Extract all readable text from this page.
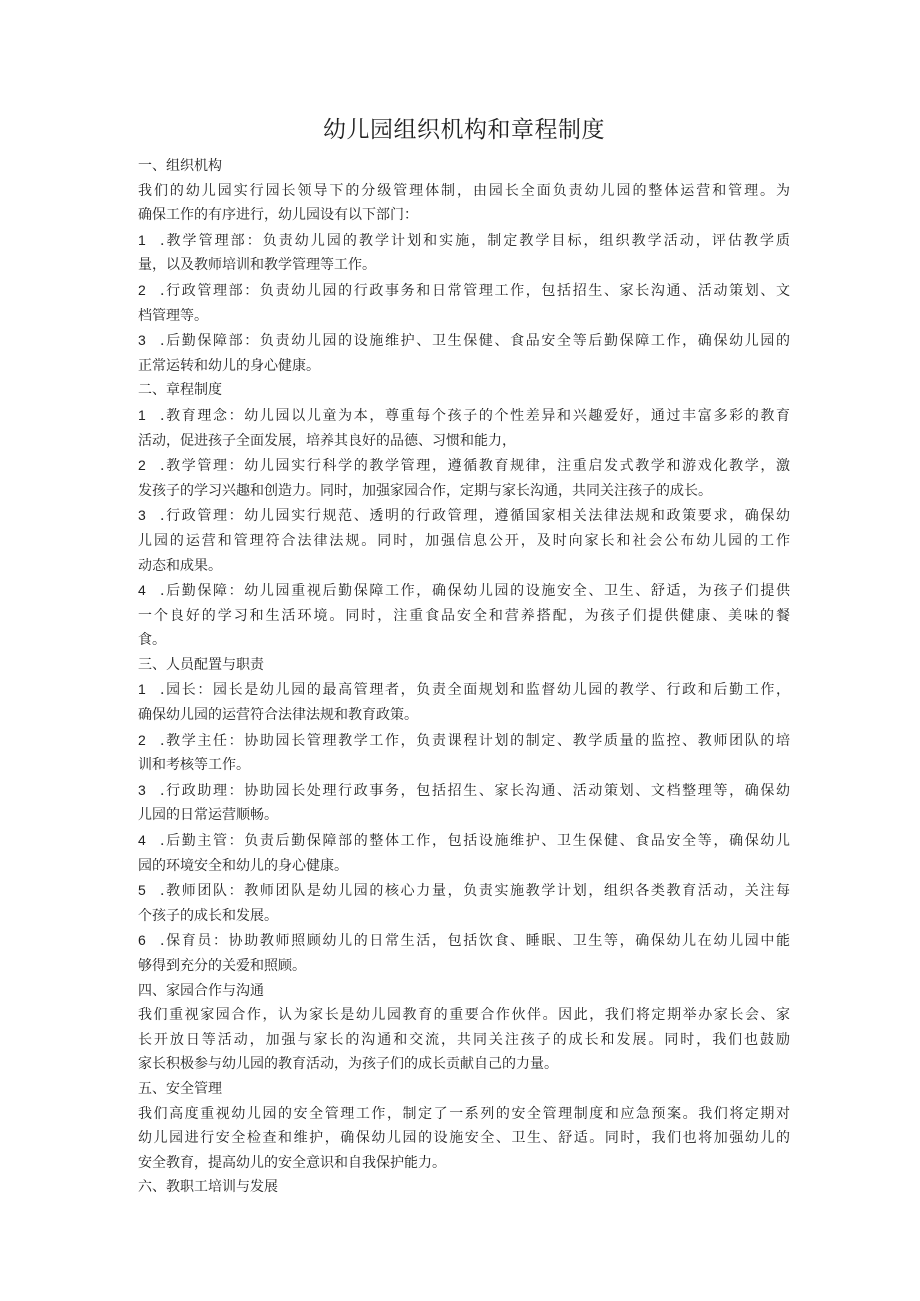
幼儿园组织机构和章程制度
一、组织机构
我们的幼儿园实行园长领导下的分级管理体制，由园长全面负责幼儿园的整体运营和管理。为
确保工作的有序进行，幼儿园设有以下部门：
1 .教学管理部：负责幼儿园的教学计划和实施，制定教学目标，组织教学活动，评估教学质
量，以及教师培训和教学管理等工作。
2 .行政管理部：负责幼儿园的行政事务和日常管理工作，包括招生、家长沟通、活动策划、文
档管理等。
3 .后勤保障部：负责幼儿园的设施维护、卫生保健、食品安全等后勤保障工作，确保幼儿园的
正常运转和幼儿的身心健康。
二、章程制度
1 .教育理念：幼儿园以儿童为本，尊重每个孩子的个性差异和兴趣爱好，通过丰富多彩的教育
活动，促进孩子全面发展，培养其良好的品德、习惯和能力，
2 .教学管理：幼儿园实行科学的教学管理，遵循教育规律，注重启发式教学和游戏化教学，激
发孩子的学习兴趣和创造力。同时，加强家园合作，定期与家长沟通，共同关注孩子的成长。
3 .行政管理：幼儿园实行规范、透明的行政管理，遵循国家相关法律法规和政策要求，确保幼
儿园的运营和管理符合法律法规。同时，加强信息公开，及时向家长和社会公布幼儿园的工作
动态和成果。
4 .后勤保障：幼儿园重视后勤保障工作，确保幼儿园的设施安全、卫生、舒适，为孩子们提供
一个良好的学习和生活环境。同时，注重食品安全和营养搭配，为孩子们提供健康、美味的餐
食。
三、人员配置与职责
1 .园长：园长是幼儿园的最高管理者，负责全面规划和监督幼儿园的教学、行政和后勤工作，
确保幼儿园的运营符合法律法规和教育政策。
2 .教学主任：协助园长管理教学工作，负责课程计划的制定、教学质量的监控、教师团队的培
训和考核等工作。
3 .行政助理：协助园长处理行政事务，包括招生、家长沟通、活动策划、文档整理等，确保幼
儿园的日常运营顺畅。
4 .后勤主管：负责后勤保障部的整体工作，包括设施维护、卫生保健、食品安全等，确保幼儿
园的环境安全和幼儿的身心健康。
5 .教师团队：教师团队是幼儿园的核心力量，负责实施教学计划，组织各类教育活动，关注每
个孩子的成长和发展。
6 .保育员：协助教师照顾幼儿的日常生活，包括饮食、睡眠、卫生等，确保幼儿在幼儿园中能
够得到充分的关爱和照顾。
四、家园合作与沟通
我们重视家园合作，认为家长是幼儿园教育的重要合作伙伴。因此，我们将定期举办家长会、家
长开放日等活动，加强与家长的沟通和交流，共同关注孩子的成长和发展。同时，我们也鼓励
家长积极参与幼儿园的教育活动，为孩子们的成长贡献自己的力量。
五、安全管理
我们高度重视幼儿园的安全管理工作，制定了一系列的安全管理制度和应急预案。我们将定期对
幼儿园进行安全检查和维护，确保幼儿园的设施安全、卫生、舒适。同时，我们也将加强幼儿的
安全教育，提高幼儿的安全意识和自我保护能力。
六、教职工培训与发展
